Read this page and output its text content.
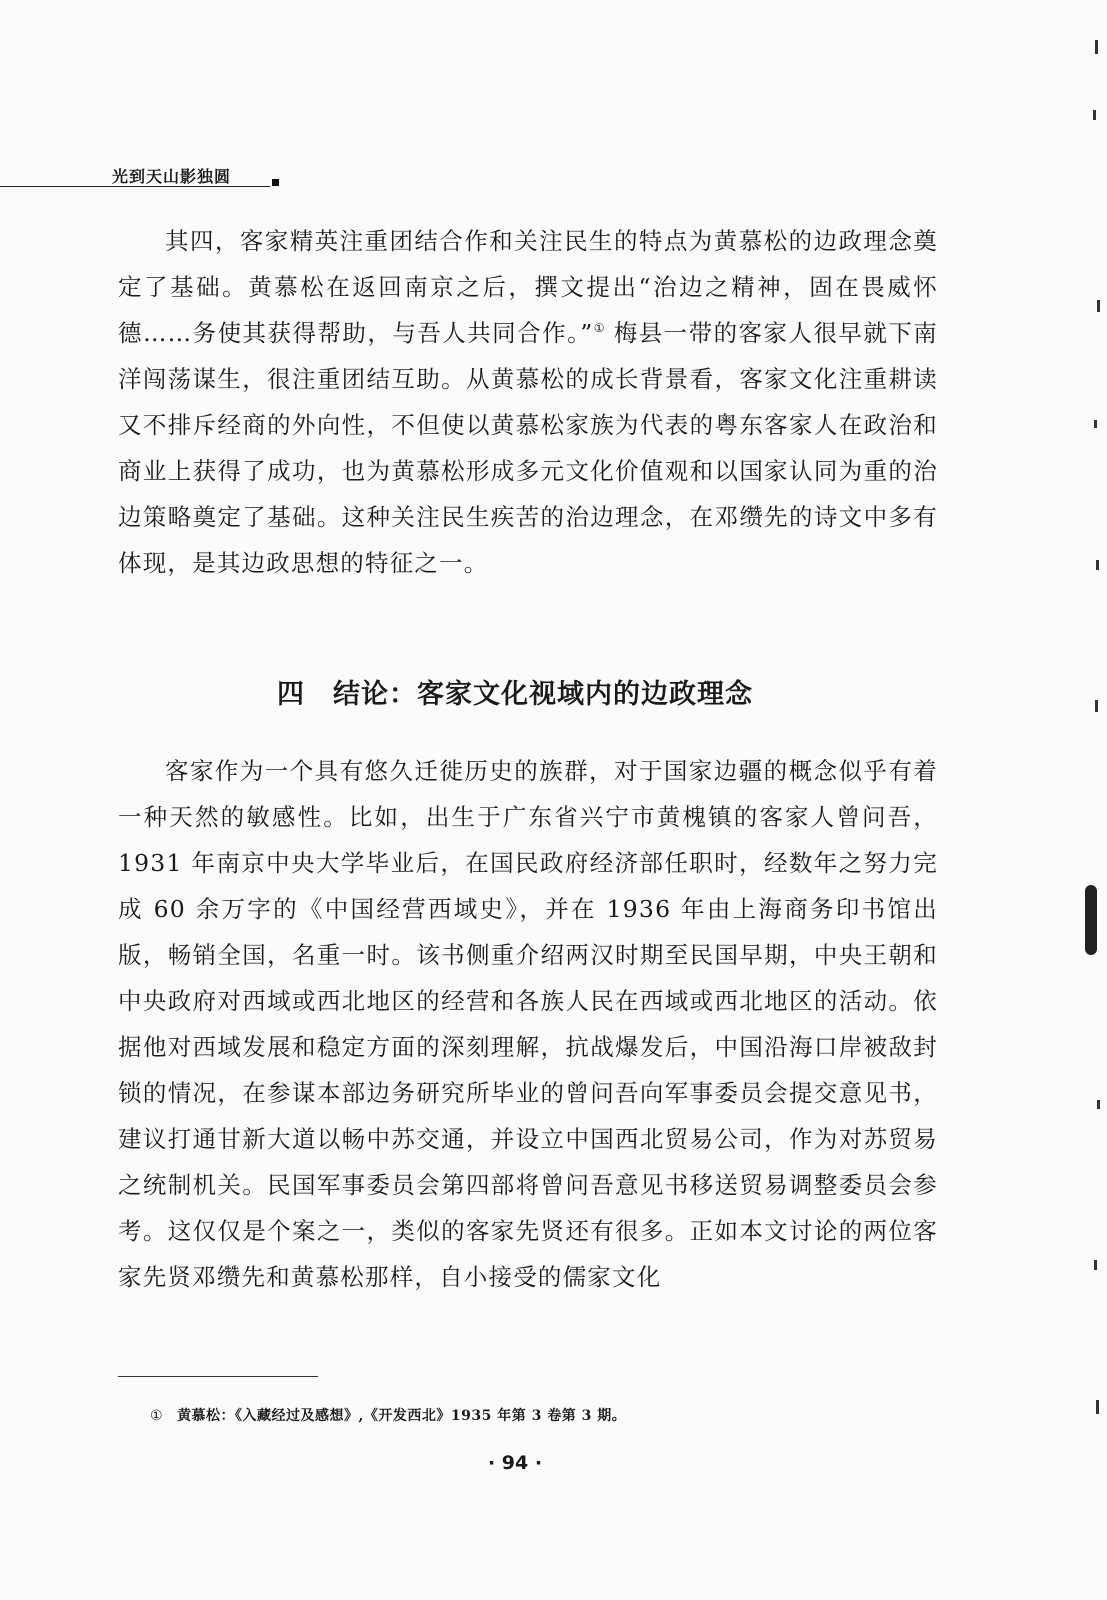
光到天山影独圆

其四，客家精英注重团结合作和关注民生的特点为黄慕松的边政理念奠定了基础。黄慕松在返回南京之后，撰文提出“治边之精神，固在畏威怀德……务使其获得帮助，与吾人共同合作。”① 梅县一带的客家人很早就下南洋闯荡谋生，很注重团结互助。从黄慕松的成长背景看，客家文化注重耕读又不排斥经商的外向性，不但使以黄慕松家族为代表的粤东客家人在政治和商业上获得了成功，也为黄慕松形成多元文化价值观和以国家认同为重的治边策略奠定了基础。这种关注民生疾苦的治边理念，在邓缵先的诗文中多有体现，是其边政思想的特征之一。

四 结论：客家文化视域内的边政理念

客家作为一个具有悠久迁徙历史的族群，对于国家边疆的概念似乎有着一种天然的敏感性。比如，出生于广东省兴宁市黄槐镇的客家人曾问吾，1931 年南京中央大学毕业后，在国民政府经济部任职时，经数年之努力完成 60 余万字的《中国经营西域史》，并在 1936 年由上海商务印书馆出版，畅销全国，名重一时。该书侧重介绍两汉时期至民国早期，中央王朝和中央政府对西域或西北地区的经营和各族人民在西域或西北地区的活动。依据他对西域发展和稳定方面的深刻理解，抗战爆发后，中国沿海口岸被敌封锁的情况，在参谋本部边务研究所毕业的曾问吾向军事委员会提交意见书，建议打通甘新大道以畅中苏交通，并设立中国西北贸易公司，作为对苏贸易之统制机关。民国军事委员会第四部将曾问吾意见书移送贸易调整委员会参考。这仅仅是个案之一，类似的客家先贤还有很多。正如本文讨论的两位客家先贤邓缵先和黄慕松那样，自小接受的儒家文化

① 黄慕松：《入藏经过及感想》,《开发西北》1935 年第 3 卷第 3 期。
· 94 ·
